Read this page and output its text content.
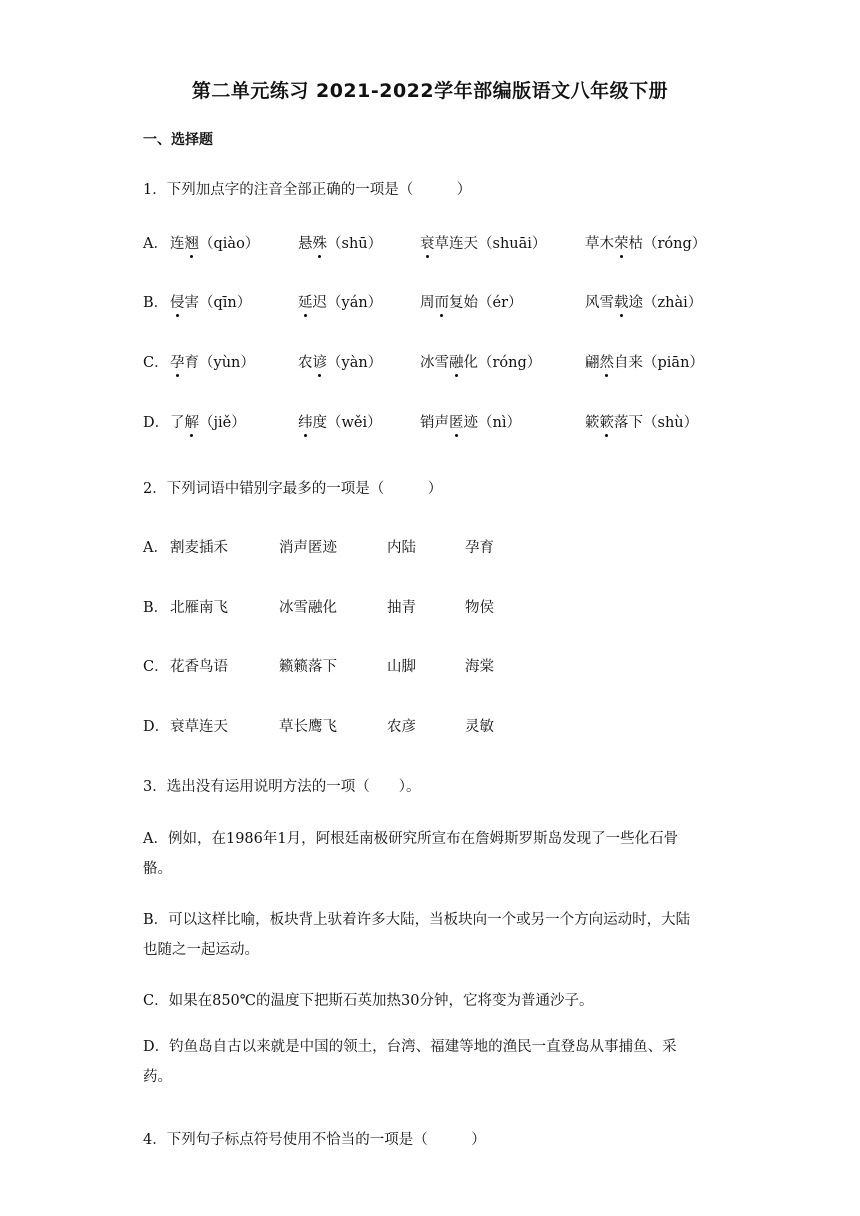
第二单元练习 2021-2022学年部编版语文八年级下册
一、选择题
1．下列加点字的注音全部正确的一项是（　　　）
A． 连翘（qiào）	悬殊（shū）	衰草连天（shuāi）	草木荣枯（róng）
B． 侵害（qīn）	延迟（yán）	周而复始（ér）	风雪载途（zhài）
C． 孕育（yùn）	农谚（yàn）	冰雪融化（róng）	翩然自来（piān）
D． 了解（jiě）	纬度（wěi）	销声匿迹（nì）	簌簌落下（shù）
2．下列词语中错别字最多的一项是（　　　）
A． 割麦插禾	消声匿迹	内陆	孕育
B． 北雁南飞	冰雪融化	抽青	物侯
C． 花香鸟语	籁籁落下	山脚	海棠
D． 衰草连天	草长鹰飞	农彦	灵敏
3．选出没有运用说明方法的一项（　　）。
A．例如，在1986年1月，阿根廷南极研究所宣布在詹姆斯罗斯岛发现了一些化石骨
骼。
B．可以这样比喻，板块背上驮着许多大陆，当板块向一个或另一个方向运动时，大陆
也随之一起运动。
C．如果在850℃的温度下把斯石英加热30分钟，它将变为普通沙子。
D．钓鱼岛自古以来就是中国的领土，台湾、福建等地的渔民一直登岛从事捕鱼、采
药。
4．下列句子标点符号使用不恰当的一项是（　　　）
